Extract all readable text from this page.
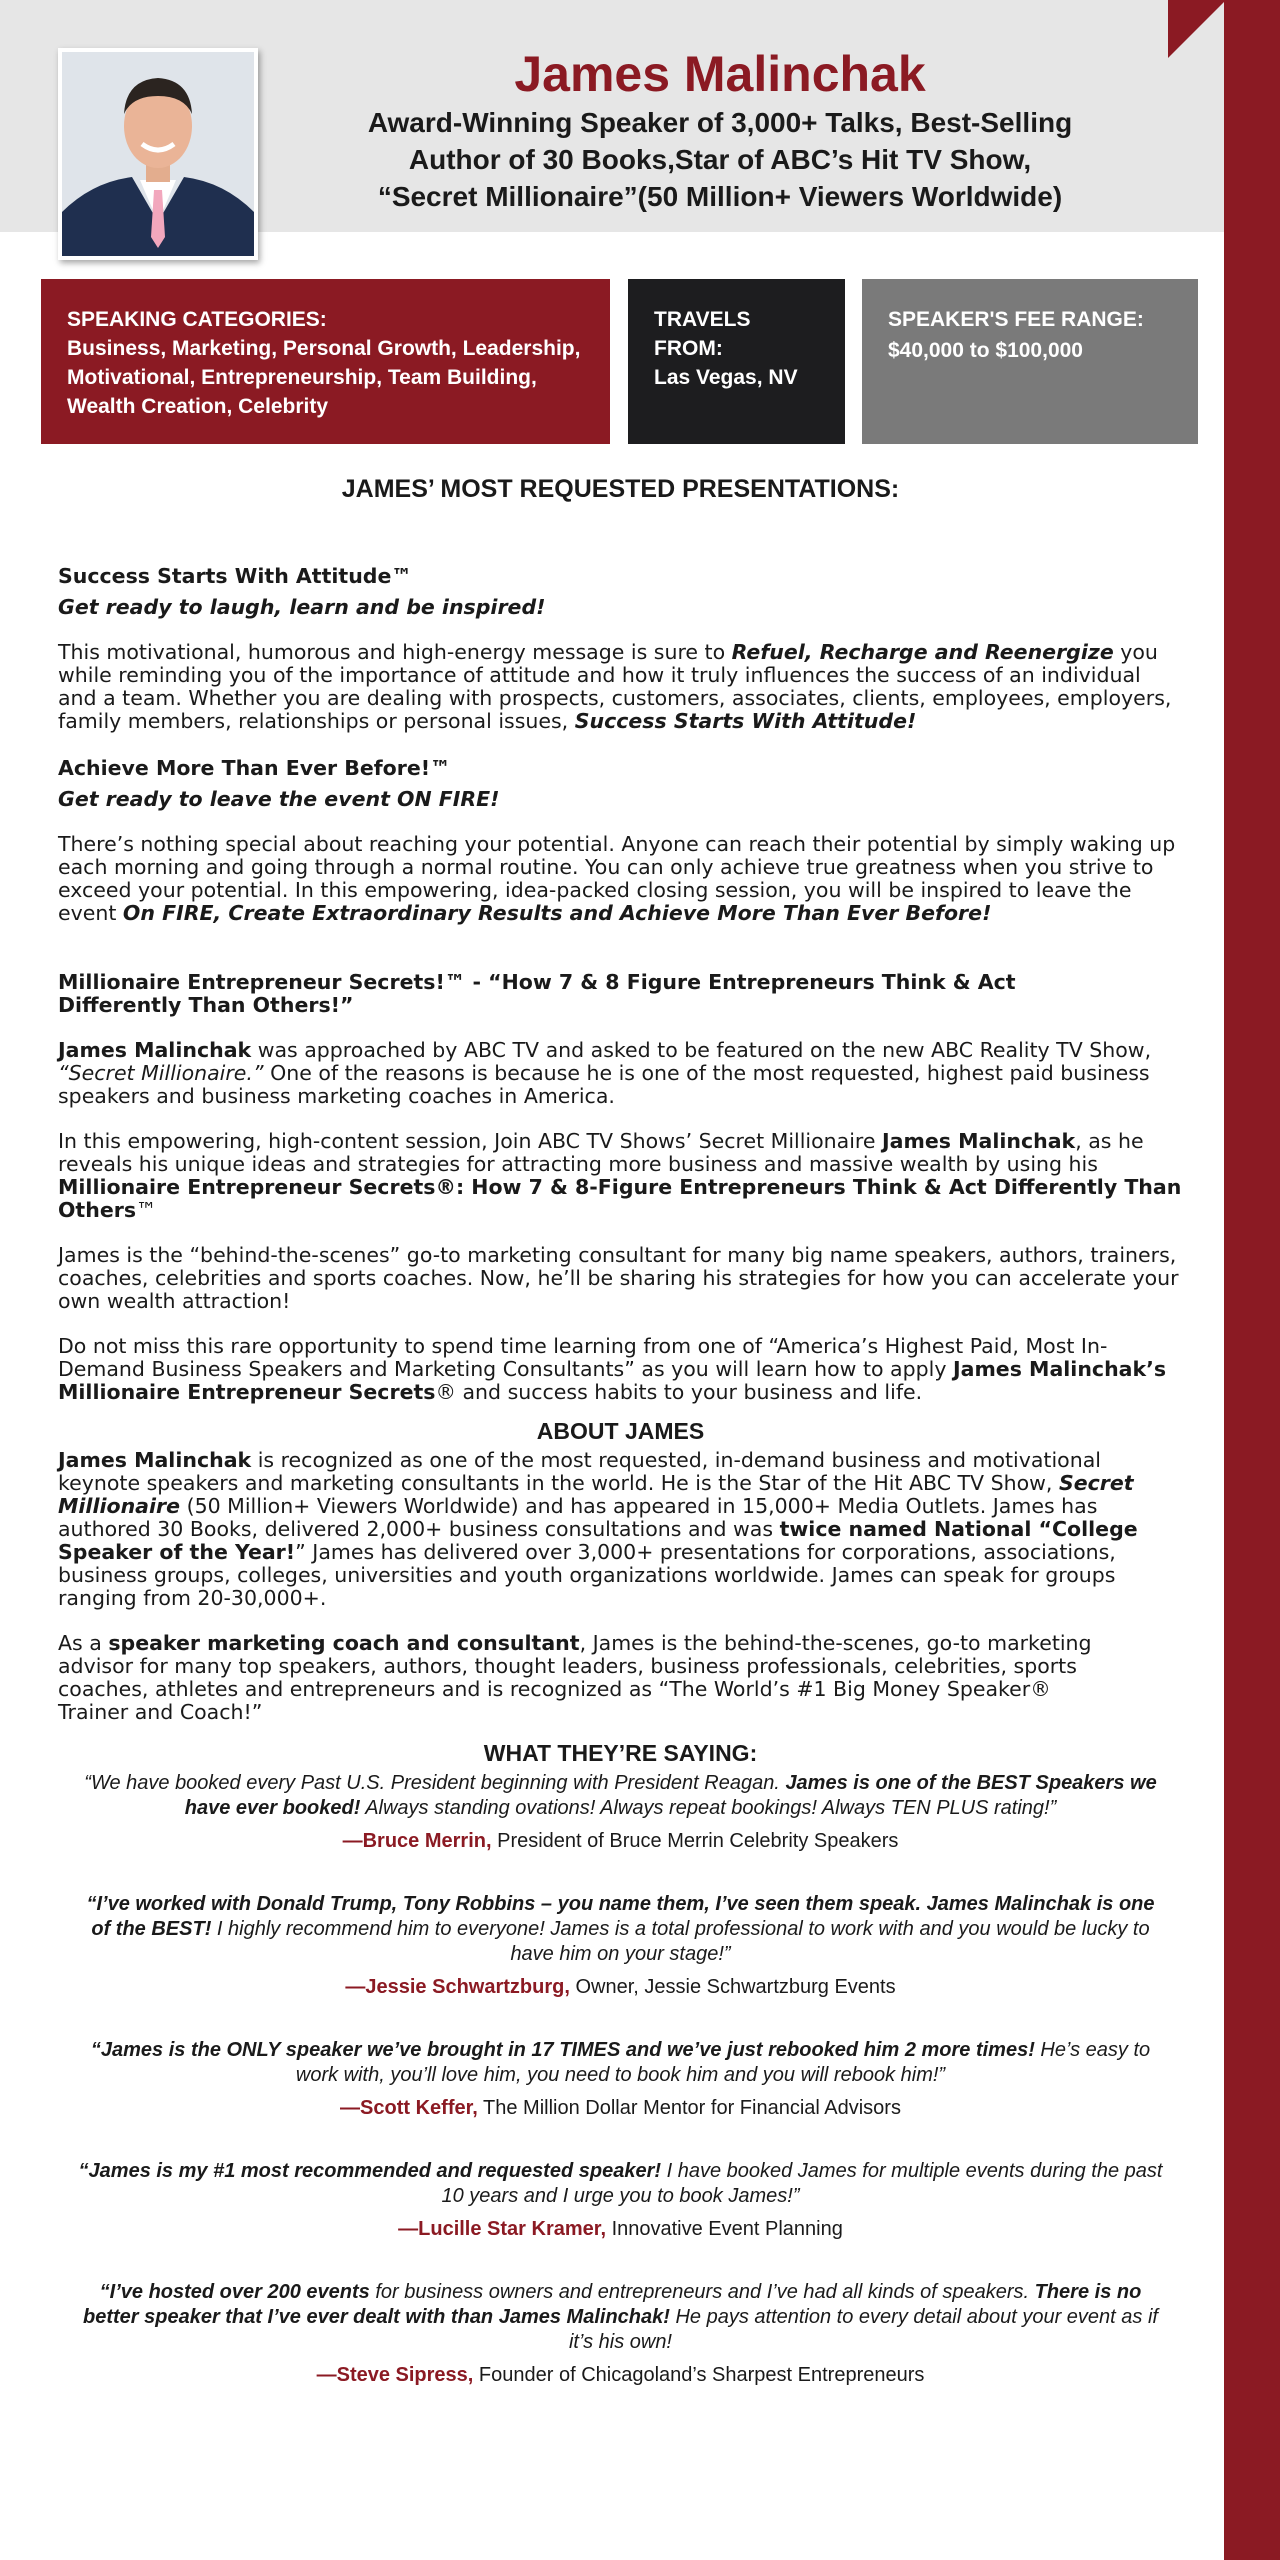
James Malinchak
Award-Winning Speaker of 3,000+ Talks, Best-Selling
Author of 30 Books,Star of ABC’s Hit TV Show,
“Secret Millionaire”(50 Million+ Viewers Worldwide)
SPEAKING CATEGORIES:
Business, Marketing, Personal Growth, Leadership, Motivational, Entrepreneurship, Team Building, Wealth Creation, Celebrity
TRAVELS FROM:
Las Vegas, NV
SPEAKER'S FEE RANGE:
$40,000 to $100,000
JAMES’ MOST REQUESTED PRESENTATIONS:

Success Starts With Attitude™

Get ready to laugh, learn and be inspired!

This motivational, humorous and high-energy message is sure to Refuel, Recharge and Reenergize you while reminding you of the importance of attitude and how it truly influences the success of an individual and a team. Whether you are dealing with prospects, customers, associates, clients, employees, employers, family members, relationships or personal issues, Success Starts With Attitude!

Achieve More Than Ever Before!™

Get ready to leave the event ON FIRE!

There’s nothing special about reaching your potential. Anyone can reach their potential by simply waking up each morning and going through a normal routine. You can only achieve true greatness when you strive to exceed your potential. In this empowering, idea-packed closing session, you will be inspired to leave the event On FIRE, Create Extraordinary Results and Achieve More Than Ever Before!

Millionaire Entrepreneur Secrets!™ - “How 7 & 8 Figure Entrepreneurs Think & Act Differently Than Others!”

James Malinchak was approached by ABC TV and asked to be featured on the new ABC Reality TV Show, “Secret Millionaire.” One of the reasons is because he is one of the most requested, highest paid business speakers and business marketing coaches in America.

In this empowering, high-content session, Join ABC TV Shows’ Secret Millionaire James Malinchak, as he reveals his unique ideas and strategies for attracting more business and massive wealth by using his Millionaire Entrepreneur Secrets®: How 7 & 8-Figure Entrepreneurs Think & Act Differently Than Others™

James is the “behind-the-scenes” go-to marketing consultant for many big name speakers, authors, trainers, coaches, celebrities and sports coaches. Now, he’ll be sharing his strategies for how you can accelerate your own wealth attraction!

Do not miss this rare opportunity to spend time learning from one of “America’s Highest Paid, Most In-Demand Business Speakers and Marketing Consultants” as you will learn how to apply James Malinchak’s Millionaire Entrepreneur Secrets® and success habits to your business and life.

ABOUT JAMES

James Malinchak is recognized as one of the most requested, in-demand business and motivational keynote speakers and marketing consultants in the world. He is the Star of the Hit ABC TV Show, Secret Millionaire (50 Million+ Viewers Worldwide) and has appeared in 15,000+ Media Outlets. James has authored 30 Books, delivered 2,000+ business consultations and was twice named National “College Speaker of the Year!” James has delivered over 3,000+ presentations for corporations, associations, business groups, colleges, universities and youth organizations worldwide. James can speak for groups ranging from 20-30,000+.

As a speaker marketing coach and consultant, James is the behind-the-scenes, go-to marketing advisor for many top speakers, authors, thought leaders, business professionals, celebrities, sports coaches, athletes and entrepreneurs and is recognized as “The World’s #1 Big Money Speaker® Trainer and Coach!”

WHAT THEY’RE SAYING:
“We have booked every Past U.S. President beginning with President Reagan. James is one of the BEST Speakers we have ever booked! Always standing ovations! Always repeat bookings! Always TEN PLUS rating!”
—Bruce Merrin, President of Bruce Merrin Celebrity Speakers
“I’ve worked with Donald Trump, Tony Robbins – you name them, I’ve seen them speak. James Malinchak is one of the BEST! I highly recommend him to everyone! James is a total professional to work with and you would be lucky to have him on your stage!”
—Jessie Schwartzburg, Owner, Jessie Schwartzburg Events
“James is the ONLY speaker we’ve brought in 17 TIMES and we’ve just rebooked him 2 more times! He’s easy to work with, you’ll love him, you need to book him and you will rebook him!”
—Scott Keffer, The Million Dollar Mentor for Financial Advisors
“James is my #1 most recommended and requested speaker! I have booked James for multiple events during the past 10 years and I urge you to book James!”
—Lucille Star Kramer, Innovative Event Planning
“I’ve hosted over 200 events for business owners and entrepreneurs and I’ve had all kinds of speakers. There is no better speaker that I’ve ever dealt with than James Malinchak! He pays attention to every detail about your event as if it’s his own!
—Steve Sipress, Founder of Chicagoland’s Sharpest Entrepreneurs
